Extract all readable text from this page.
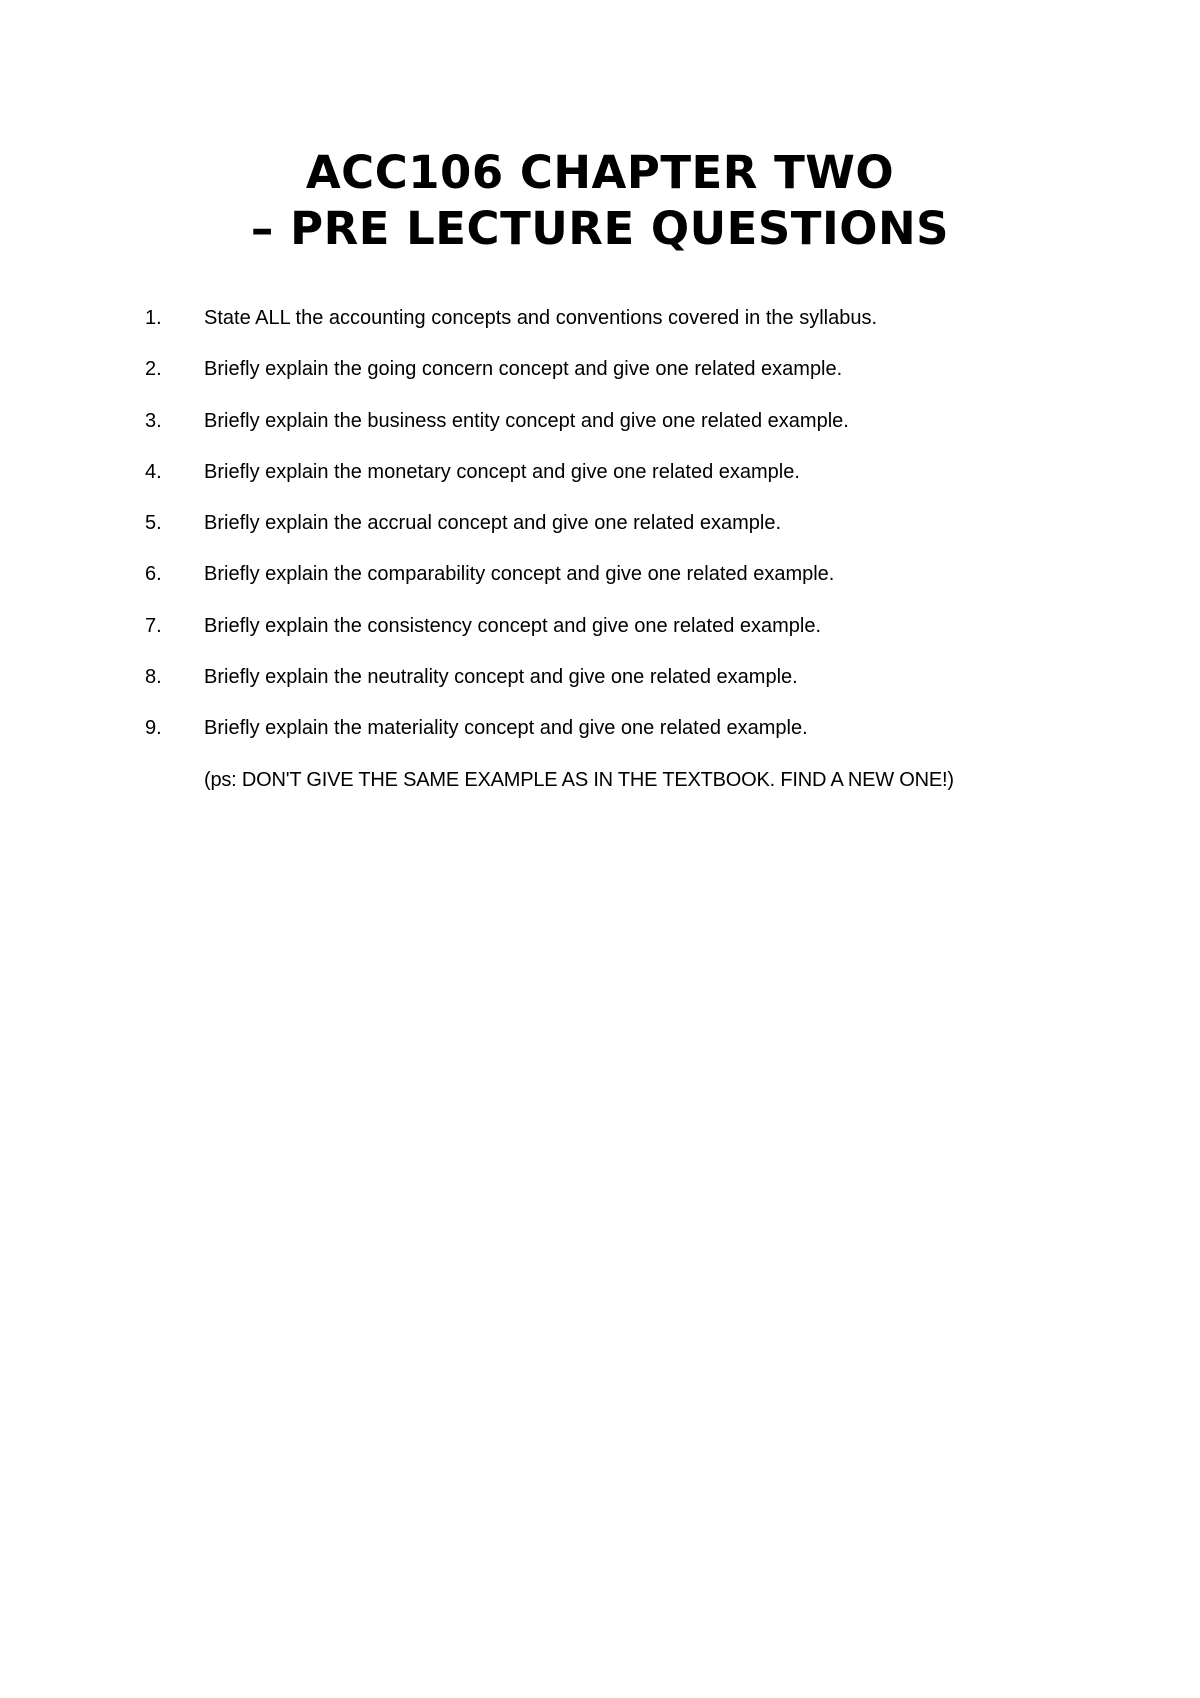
ACC106 CHAPTER TWO
– PRE LECTURE QUESTIONS
1.	State ALL the accounting concepts and conventions covered in the syllabus.
2.	Briefly explain the going concern concept and give one related example.
3.	Briefly explain the business entity concept and give one related example.
4.	Briefly explain the monetary concept and give one related example.
5.	Briefly explain the accrual concept and give one related example.
6.	Briefly explain the comparability concept and give one related example.
7.	Briefly explain the consistency concept and give one related example.
8.	Briefly explain the neutrality concept and give one related example.
9.	Briefly explain the materiality concept and give one related example.

(ps: DON'T GIVE THE SAME EXAMPLE AS IN THE TEXTBOOK. FIND A NEW ONE!)
